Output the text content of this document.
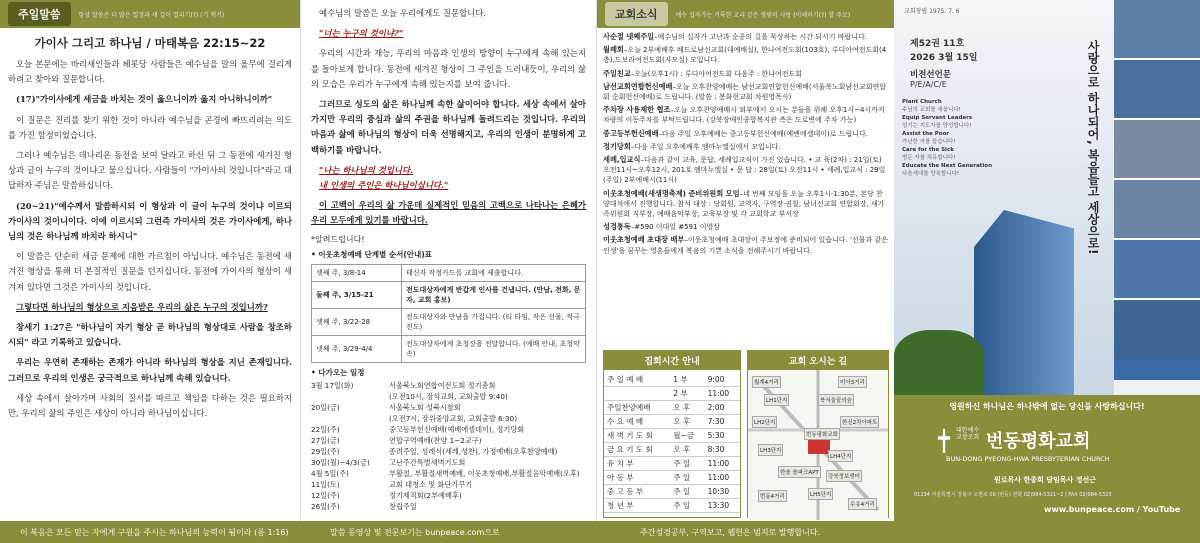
주일말씀	항상 말씀은 더 많은 열정과 새 길이 열리기(?) (기 택거)
가이사 그리고 하나님 / 마태복음 22:15~22

오늘 본문에는 바리새인들과 헤롯당 사람들은 예수님을 말의 올무에 걸리게 하려고 찾아와 질문합니다.

(17)"가이사에게 세금을 바치는 것이 옳으니이까 옳지 아니하니이까"

이 질문은 진리를 찾기 위한 것이 아니라 예수님을 곤경에 빠뜨리려는 의도를 가진 함정이었습니다.

그러나 예수님은 데나리온 동전을 보여 달라고 하신 뒤 그 동전에 새겨진 형상과 글이 누구의 것이냐고 물으십니다. 사람들이 "가이사의 것입니다"라고 대답하자 주님은 말씀하십니다.

(20~21)"예수께서 말씀하시되 이 형상과 이 글이 누구의 것이냐 이르되 가이사의 것이니이다. 이에 이르시되 그런즉 가이사의 것은 가이사에게, 하나님의 것은 하나님께 바치라 하시니"

이 말씀은 단순히 세금 문제에 대한 가르침이 아닙니다. 예수님은 동전에 새겨진 형상을 통해 더 본질적인 질문을 던지십니다. 동전에 가이사의 형상이 새겨져 있다면 그것은 가이사의 것입니다.

그렇다면 하나님의 형상으로 지음받은 우리의 삶은 누구의 것입니까?

창세기 1:27은 "하나님이 자기 형상 곧 하나님의 형상대로 사람을 창조하시되" 라고 기록하고 있습니다.

우리는 우연히 존재하는 존재가 아니라 하나님의 형상을 지닌 존재입니다. 그러므로 우리의 인생은 궁극적으로 하나님께 속해 있습니다.

세상 속에서 살아가며 사회의 질서를 따르고 책임을 다하는 것은 필요하지만, 우리의 삶의 주인은 세상이 아니라 하나님이십니다.

예수님의 말씀은 오늘 우리에게도 질문합니다.

"너는 누구의 것이냐?"

우리의 시간과 재능, 우리의 마음과 인생의 방향이 누구에게 속해 있는지를 돌아보게 합니다. 동전에 새겨진 형상이 그 주인을 드러내듯이, 우리의 삶의 모습은 우리가 누구에게 속해 있는지를 보여 줍니다.

그러므로 성도의 삶은 하나님께 속한 삶이어야 합니다. 세상 속에서 살아가지만 우리의 중심과 삶의 주권을 하나님께 돌려드리는 것입니다. 우리의 마음과 삶에 하나님의 형상이 더욱 선명해지고, 우리의 인생이 분명하게 고백하기를 바랍니다.

"나는 하나님의 것입니다.

내 인생의 주인은 하나님이십니다."

이 고백이 우리의 삶 가운데 실제적인 믿음의 고백으로 나타나는 은혜가 우리 모두에게 있기를 바랍니다.

*알려드립니다!
• 이웃초청예배 단계별 순서(안내)표
셋째 주, 3/8-14	태신자 작정카드를 교회에 제출합니다.
둘째 주, 3/15-21	전도대상자에게 반갑게 인사를 건냅니다. (만남, 전화, 문자, 교회 홍보)
셋째 주, 3/22-28	전도대상자와 만남을 가집니다. (티 타임, 작은 선물, 적극전도)
넷째 주, 3/29-4/4	전도대상자에게 초청장을 전달합니다. (예배 안내, 초청약속)
• 다가오는 일정
3월 17일(화)	서울북노회연합여전도회 정기총회
(오전10시, 장석교회, 교회출발 9:40)
20일(금)	서울북노회 성북시찰회
(오전7시, 장위중앙교회, 교회출발 6:30)
22일(주)	중고등부헌신예배(예배에셀데이), 정기당회
27일(금)	연합구역예배(찬양 1~2교구)
29일(주)	종려주일, 성례식(세례,성찬), 가정예배(오후찬양예배)
30일(월)~4/3(금)	고난주간특별새벽기도회
4월 5일(주)	부활절, 부활절새벽예배, 이웃초청예배,부활절음악예배(오후)
11일(토)	교회 대청소 및 화단가꾸기
12일(주)	정기제직회(2부예배후)
26일(주)	창립주일
교회소식	예수 십자가는 거룩한 교리 같은 영원히 사랑 (이해하기(?) 할 주로)
사순절 넷째주일–예수님의 십자가 고난과 순종의 길을 묵상하는 시간 되시기 바랍니다.
월례회–오늘 2부예배후 베드로남선교회(대예배실), 한나여전도회(103호), 루디아여전도회(4층),드보라여전도회(자모실) 모입니다.
주일친교–오늘(오후1시) : 루디아여전도회 다음주 : 한나여전도회
남선교회연합헌신예배–오늘 오후찬양예배는 남선교회연합헌신예배(서울북노회남선교회연합회 순회헌신예배)로 드립니다. (말씀 : 봉화현교회 차원영목사)
주차장 사용제한 협조–오늘 오후찬양예배시 외부에서 오시는 분들을 위해 오후1시~4시까지 차량의 이동주차를 부탁드립니다. (강북장애인종합복지관 측은 도로변에 주차 가능)
중고등부헌신예배–다음 주일 오후예배는 중고등부헌신예배(예밴에셀데이)로 드립니다.
정기당회–다음 주일 오후예배후 엠마누엘실에서 모입니다.
세례,입교식–다음과 같이 교육, 문답, 세례입교식이 가진 있습니다. • 교 육(2차) : 21일(토) 오전11시~오후12시, 201호 엠마누엘실 • 문 답 : 28일(토) 오전11시 • 세례,입교식 : 29일(주일) 2부예배시(11시)
이웃초청예배(새생명축제) 준비위원회 모임–네 번째 모임을 오늘 오후1시-1:30분, 본당 찬양대석에서 진행합니다. 참석 대상 : 당회원, 교역자, 구역장·권찰, 남녀선교회 연합회장, 새가족위원회 직부장, 예배음악부장, 교육부장 및 각 교회학교 부서장
성경통독–#590 이대일 #591 이영삼
이웃초청예배 초대장 배부–이웃초청예배 초대장이 주보정에 준비되어 있습니다. '선물과 같은 인생'을 꿈꾸는 영혼들에게 복음의 기쁜 소식을 전해주시기 바랍니다.
집회시간 안내
주 일 예 배	1 부	9:00
	2 부	11:00
주일찬양예배	오 후	2:00
수 요 예 배	오 후	7:30
새 벽 기 도 회	월~금	5:30
금 요 기 도 회	오 후	8:30
유 치 부	주 일	11:00
아 동 부	주 일	11:00
중 고 등 부	주 일	10:30
청 년 부	주 일	13:30
교회 오시는 길
월계4거리	미아3거리
LH1단지	북서울꿈의숲
LH2단지	한신2차아파트
번동평화교회
LH3단지
한솔 솔파크APT
LH4단지
강북정보센터
번동4거리	LH5단지
수유4거리
교회창립 1975. 7. 6
제52권 11호
2026 3월 15일
비전선언문
P/E/A/C/E
Plant Church
주님의 교회를 세웁니다!
Equip Servant Leaders
섬기는 지도자를 양성합니다!
Assist the Poor
가난한 자를 돕습니다!
Care for the Sick
병든 자를 치유합니다!
Educate the Next Generation
다음세대를 양육합니다!	사랑으로 하나되어, 복음들고 세상으로!
영원하신 하나님은 하나밖에 없는 당신을 사랑하십니다!
대한예수교장로회 번동평화교회
BUN-DONG PYEONG-HWA PRESBYTERIAN CHURCH
원로목사 한종희 담임목사 정선근
01234 서울특별시 강북구 오현로 00 (번동) 전화 02)984-5321~2 | FAX 02)984-5323
www.bunpeace.com / YouTube
이 복음은 모든 믿는 자에게 구원을 주시는 하나님의 능력이 됨이라 (롬 1:16)	말씀 동영상 및 전문보기는 bunpeace.com으로	주간성경공부, 구역보고, 웹헌은 범지로 발행합니다.
